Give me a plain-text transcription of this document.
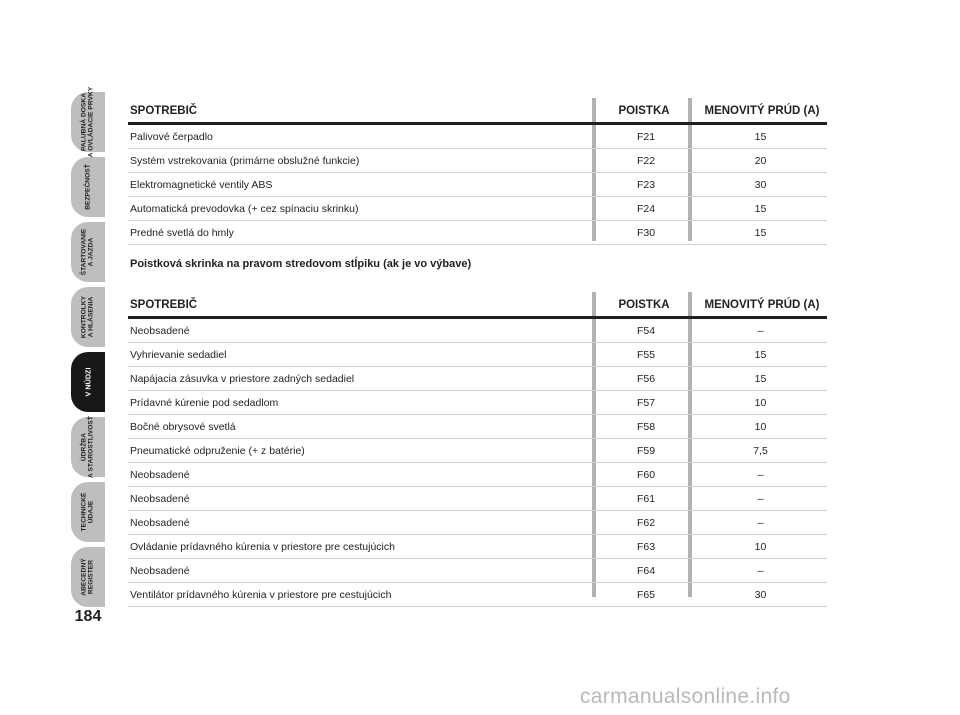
PALUBNÁ DOSKA
A OVLÁDACIE PRVKY
BEZPEČNOSŤ
ŠTARTOVANIE
A JAZDA
KONTROLKY
A HLÁSENIA
V NÚDZI
ÚDRŽBA
A STAROSTLIVOSŤ
TECHNICKÉ
ÚDAJE
ABECEDNÝ
REGISTER
184
SPOTREBIČ	POISTKA	MENOVITÝ PRÚD (A)
Palivové čerpadlo	F21	15
Systém vstrekovania (primárne obslužné funkcie)	F22	20
Elektromagnetické ventily ABS	F23	30
Automatická prevodovka (+ cez spínaciu skrinku)	F24	15
Predné svetlá do hmly	F30	15
Poistková skrinka na pravom stredovom stĺpiku (ak je vo výbave)
SPOTREBIČ	POISTKA	MENOVITÝ PRÚD (A)
Neobsadené	F54	–
Vyhrievanie sedadiel	F55	15
Napájacia zásuvka v priestore zadných sedadiel	F56	15
Prídavné kúrenie pod sedadlom	F57	10
Bočné obrysové svetlá	F58	10
Pneumatické odpruženie (+ z batérie)	F59	7,5
Neobsadené	F60	–
Neobsadené	F61	–
Neobsadené	F62	–
Ovládanie prídavného kúrenia v priestore pre cestujúcich	F63	10
Neobsadené	F64	–
Ventilátor prídavného kúrenia v priestore pre cestujúcich	F65	30
carmanualsonline.info
